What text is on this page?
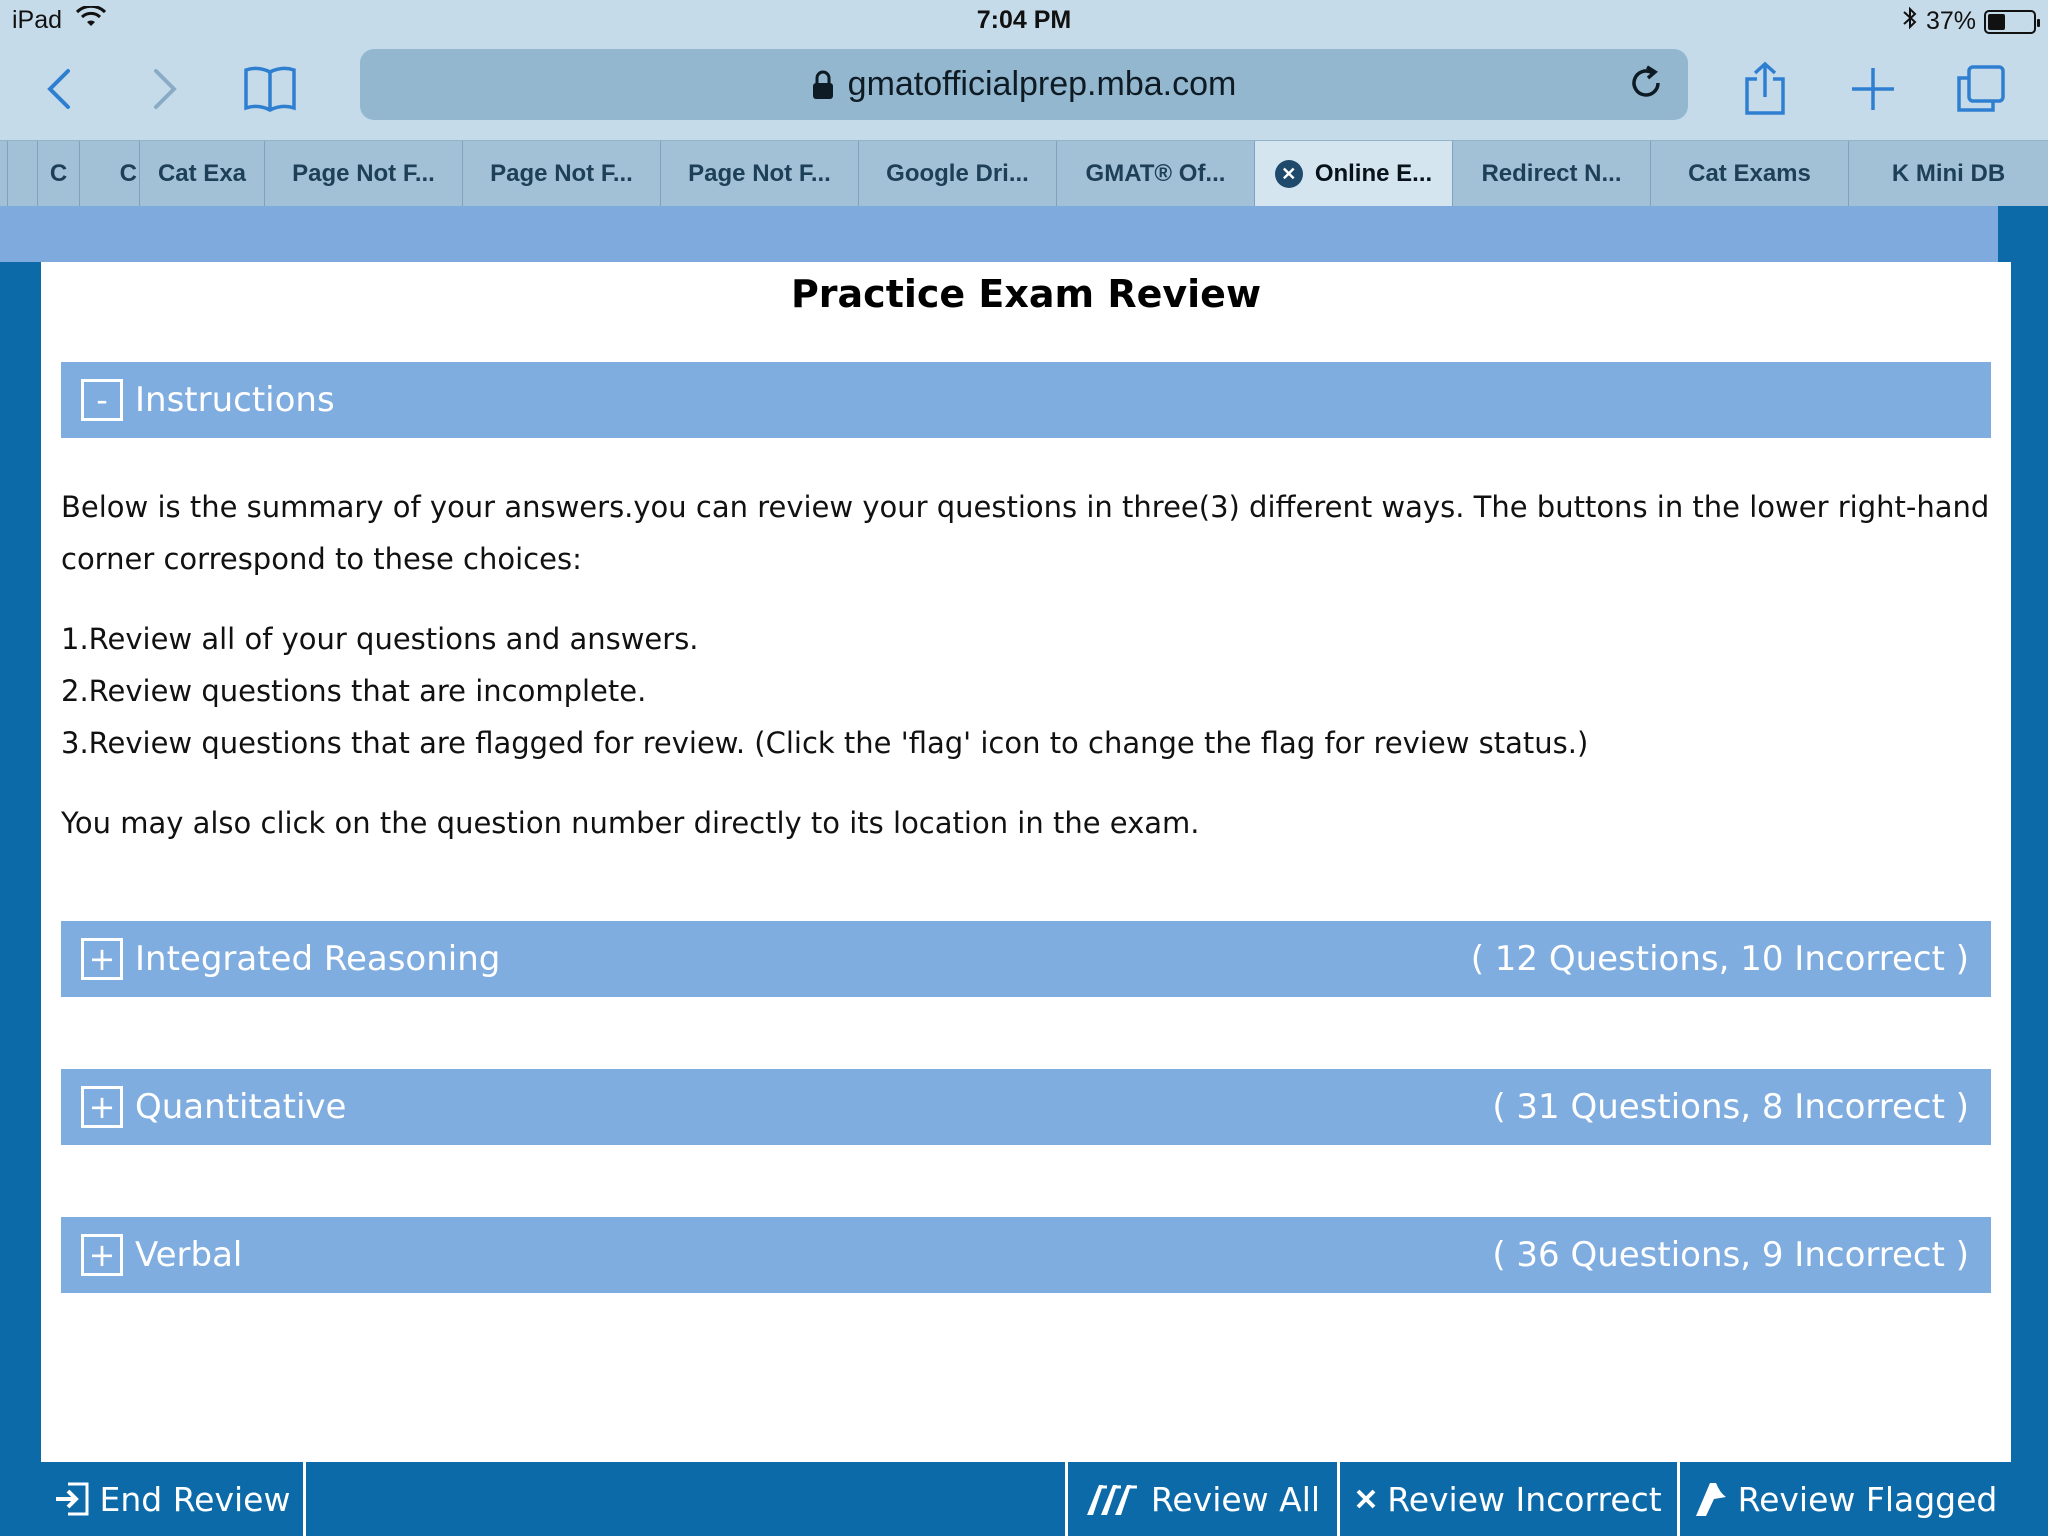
iPad	7:04 PM	37%
gmatofficialprep.mba.com
C C Cat Exa Page Not F... Page Not F... Page Not F... Google Dri... GMAT® Of...	✕ Online E... Redirect N...	Cat Exams	K Mini DB
Practice Exam Review
- Instructions

Below is the summary of your answers.you can review your questions in three(3) different ways. The buttons in the lower right-hand corner correspond to these choices:

1.Review all of your questions and answers.

2.Review questions that are incomplete.

3.Review questions that are flagged for review. (Click the 'flag' icon to change the flag for review status.)

You may also click on the question number directly to its location in the exam.

+ Integrated Reasoning	( 12 Questions, 10 Incorrect )
+ Quantitative	( 31 Questions, 8 Incorrect )
+ Verbal	( 36 Questions, 9 Incorrect )
End Review	Review All Review Incorrect Review Flagged
